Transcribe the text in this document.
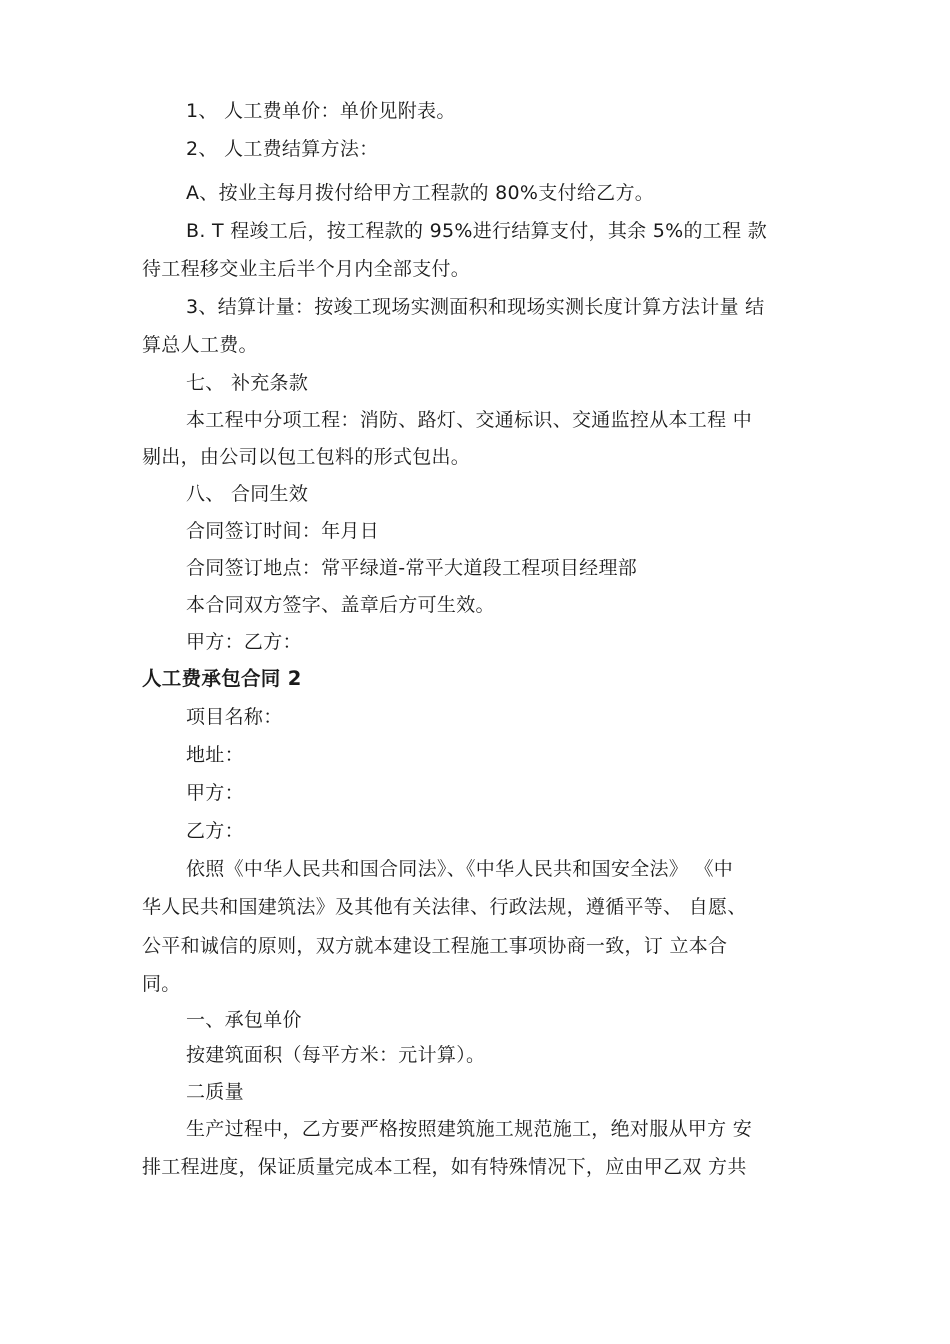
1、 人工费单价：单价见附表。
2、 人工费结算方法：
A、按业主每月拨付给甲方工程款的 80%支付给乙方。
B. T 程竣工后，按工程款的 95%进行结算支付，其余 5%的工程 款
待工程移交业主后半个月内全部支付。
3、结算计量：按竣工现场实测面积和现场实测长度计算方法计量 结
算总人工费。
七、 补充条款
本工程中分项工程：消防、路灯、交通标识、交通监控从本工程 中
剔出，由公司以包工包料的形式包出。
八、 合同生效
合同签订时间：年月日
合同签订地点：常平绿道-常平大道段工程项目经理部
本合同双方签字、盖章后方可生效。
甲方：乙方：
人工费承包合同 2
项目名称：
地址：
甲方：
乙方：
依照《中华人民共和国合同法》、《中华人民共和国安全法》 《中
华人民共和国建筑法》及其他有关法律、行政法规，遵循平等、 自愿、
公平和诚信的原则，双方就本建设工程施工事项协商一致，订 立本合
同。
一、承包单价
按建筑面积（每平方米：元计算）。
二质量
生产过程中，乙方要严格按照建筑施工规范施工，绝对服从甲方 安
排工程进度，保证质量完成本工程，如有特殊情况下，应由甲乙双 方共
